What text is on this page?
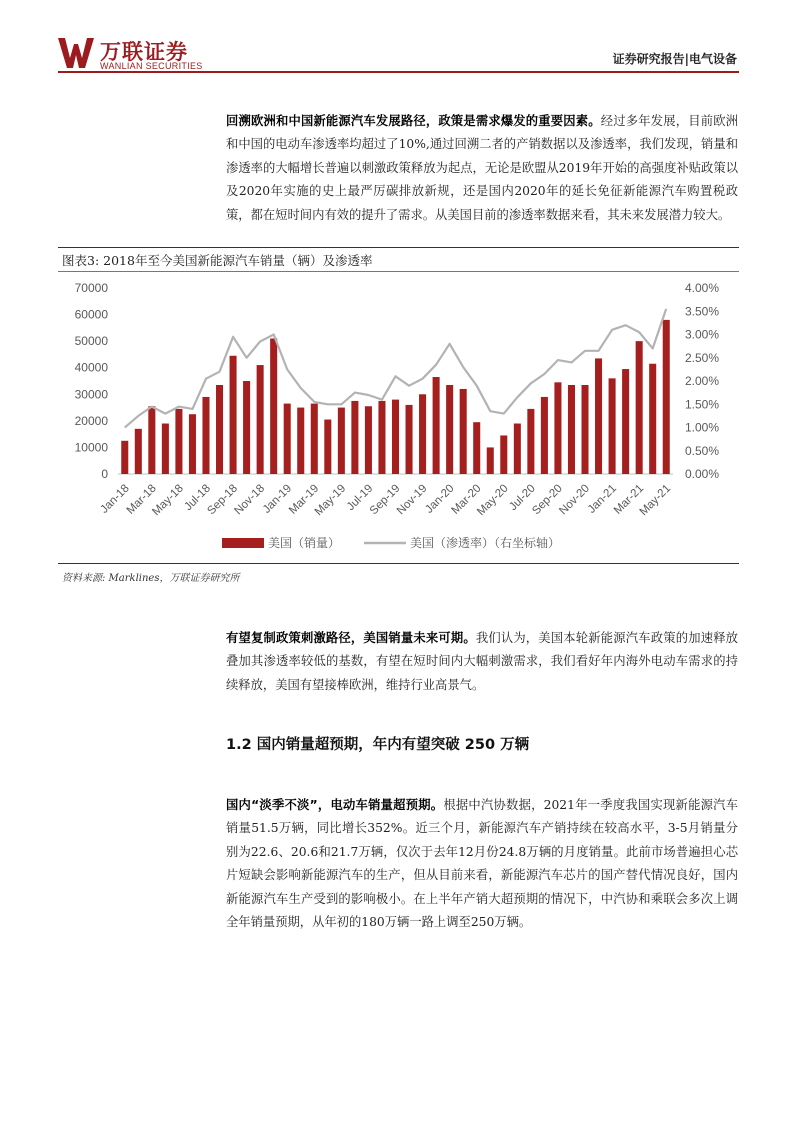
万联证券
WANLIAN SECURITIES	证券研究报告|电气设备
回溯欧洲和中国新能源汽车发展路径，政策是需求爆发的重要因素。经过多年发展，目前欧洲和中国的电动车渗透率均超过了10%,通过回溯二者的产销数据以及渗透率，我们发现，销量和渗透率的大幅增长普遍以刺激政策释放为起点，无论是欧盟从2019年开始的高强度补贴政策以及2020年实施的史上最严厉碳排放新规，还是国内2020年的延长免征新能源汽车购置税政策，都在短时间内有效的提升了需求。从美国目前的渗透率数据来看，其未来发展潜力较大。
图表3: 2018年至今美国新能源汽车销量（辆）及渗透率
0
10000
20000
30000
40000
50000
60000
70000
0.00%
0.50%
1.00%
1.50%
2.00%
2.50%
3.00%
3.50%
4.00%
Jan-18
Mar-18
May-18
Jul-18
Sep-18
Nov-18
Jan-19
Mar-19
May-19
Jul-19
Sep-19
Nov-19
Jan-20
Mar-20
May-20
Jul-20
Sep-20
Nov-20
Jan-21
Mar-21
May-21
美国（销量）	美国（渗透率）（右坐标轴）
资料来源: Marklines，万联证券研究所
有望复制政策刺激路径，美国销量未来可期。我们认为，美国本轮新能源汽车政策的加速释放叠加其渗透率较低的基数，有望在短时间内大幅刺激需求，我们看好年内海外电动车需求的持续释放，美国有望接棒欧洲，维持行业高景气。
1.2 国内销量超预期，年内有望突破 250 万辆
国内“淡季不淡”，电动车销量超预期。根据中汽协数据，2021年一季度我国实现新能源汽车销量51.5万辆，同比增长352%。近三个月，新能源汽车产销持续在较高水平，3-5月销量分别为22.6、20.6和21.7万辆，仅次于去年12月份24.8万辆的月度销量。此前市场普遍担心芯片短缺会影响新能源汽车的生产，但从目前来看，新能源汽车芯片的国产替代情况良好，国内新能源汽车生产受到的影响极小。在上半年产销大超预期的情况下，中汽协和乘联会多次上调全年销量预期，从年初的180万辆一路上调至250万辆。
